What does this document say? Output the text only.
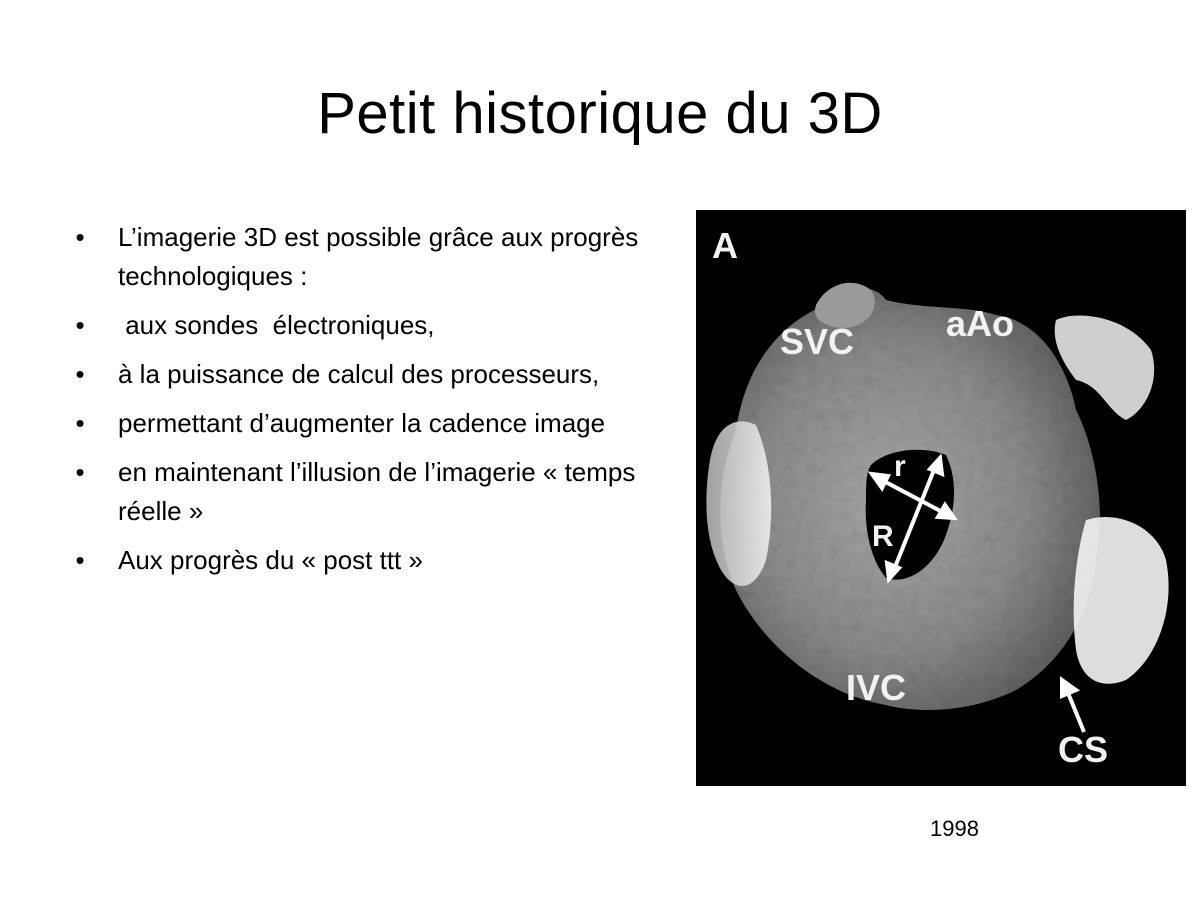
Petit historique du 3D
• L’imagerie 3D est possible grâce aux progrès technologiques :
• aux sondes  électroniques,
• à la puissance de calcul des processeurs,
• permettant d’augmenter la cadence image
• en maintenant l’illusion de l’imagerie « temps réelle »
• Aux progrès du « post ttt »
A
SVC	aAo
IVC
CS
r
R
1998
